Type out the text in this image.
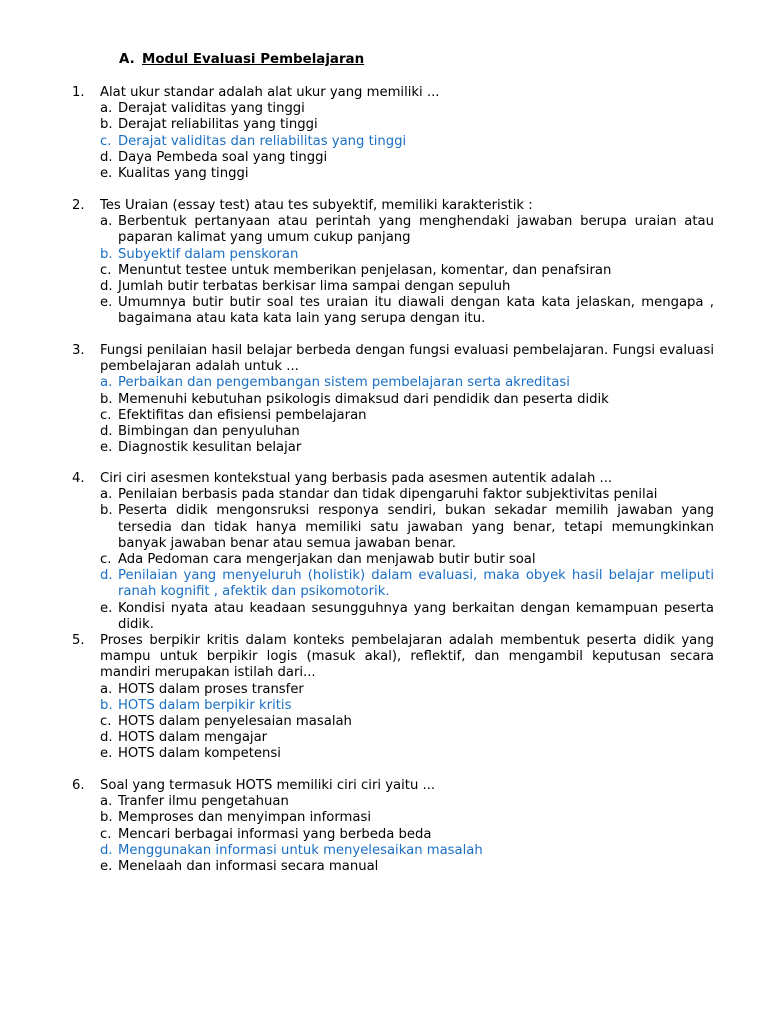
A. Modul Evaluasi Pembelajaran
1. Alat ukur standar adalah alat ukur yang memiliki ...
a. Derajat validitas yang tinggi
b. Derajat reliabilitas yang tinggi
c. Derajat validitas dan reliabilitas yang tinggi
d. Daya Pembeda soal yang tinggi
e. Kualitas yang tinggi
2. Tes Uraian (essay test) atau tes subyektif, memiliki karakteristik :
a. Berbentuk pertanyaan atau perintah yang menghendaki jawaban berupa uraian atau paparan kalimat yang umum cukup panjang
b. Subyektif dalam penskoran
c. Menuntut testee untuk memberikan penjelasan, komentar, dan penafsiran
d. Jumlah butir terbatas berkisar lima sampai dengan sepuluh
e. Umumnya butir butir soal tes uraian itu diawali dengan kata kata jelaskan, mengapa , bagaimana atau kata kata lain yang serupa dengan itu.
3. Fungsi penilaian hasil belajar berbeda dengan fungsi evaluasi pembelajaran. Fungsi evaluasi pembelajaran adalah untuk ...
a. Perbaikan dan pengembangan sistem pembelajaran serta akreditasi
b. Memenuhi kebutuhan psikologis dimaksud dari pendidik dan peserta didik
c. Efektifitas dan efisiensi pembelajaran
d. Bimbingan dan penyuluhan
e. Diagnostik kesulitan belajar
4. Ciri ciri asesmen kontekstual yang berbasis pada asesmen autentik adalah ...
a. Penilaian berbasis pada standar dan tidak dipengaruhi faktor subjektivitas penilai
b. Peserta didik mengonsruksi responya sendiri, bukan sekadar memilih jawaban yang tersedia dan tidak hanya memiliki satu jawaban yang benar, tetapi memungkinkan banyak jawaban benar atau semua jawaban benar.
c. Ada Pedoman cara mengerjakan dan menjawab butir butir soal
d. Penilaian yang menyeluruh (holistik) dalam evaluasi, maka obyek hasil belajar meliputi ranah kognifit , afektik dan psikomotorik.
e. Kondisi nyata atau keadaan sesungguhnya yang berkaitan dengan kemampuan peserta didik.
5. Proses berpikir kritis dalam konteks pembelajaran adalah membentuk peserta didik yang mampu untuk berpikir logis (masuk akal), reflektif, dan mengambil keputusan secara mandiri merupakan istilah dari...
a. HOTS dalam proses transfer
b. HOTS dalam berpikir kritis
c. HOTS dalam penyelesaian masalah
d. HOTS dalam mengajar
e. HOTS dalam kompetensi
6. Soal yang termasuk HOTS memiliki ciri ciri yaitu ...
a. Tranfer ilmu pengetahuan
b. Memproses dan menyimpan informasi
c. Mencari berbagai informasi yang berbeda beda
d. Menggunakan informasi untuk menyelesaikan masalah
e. Menelaah dan informasi secara manual
